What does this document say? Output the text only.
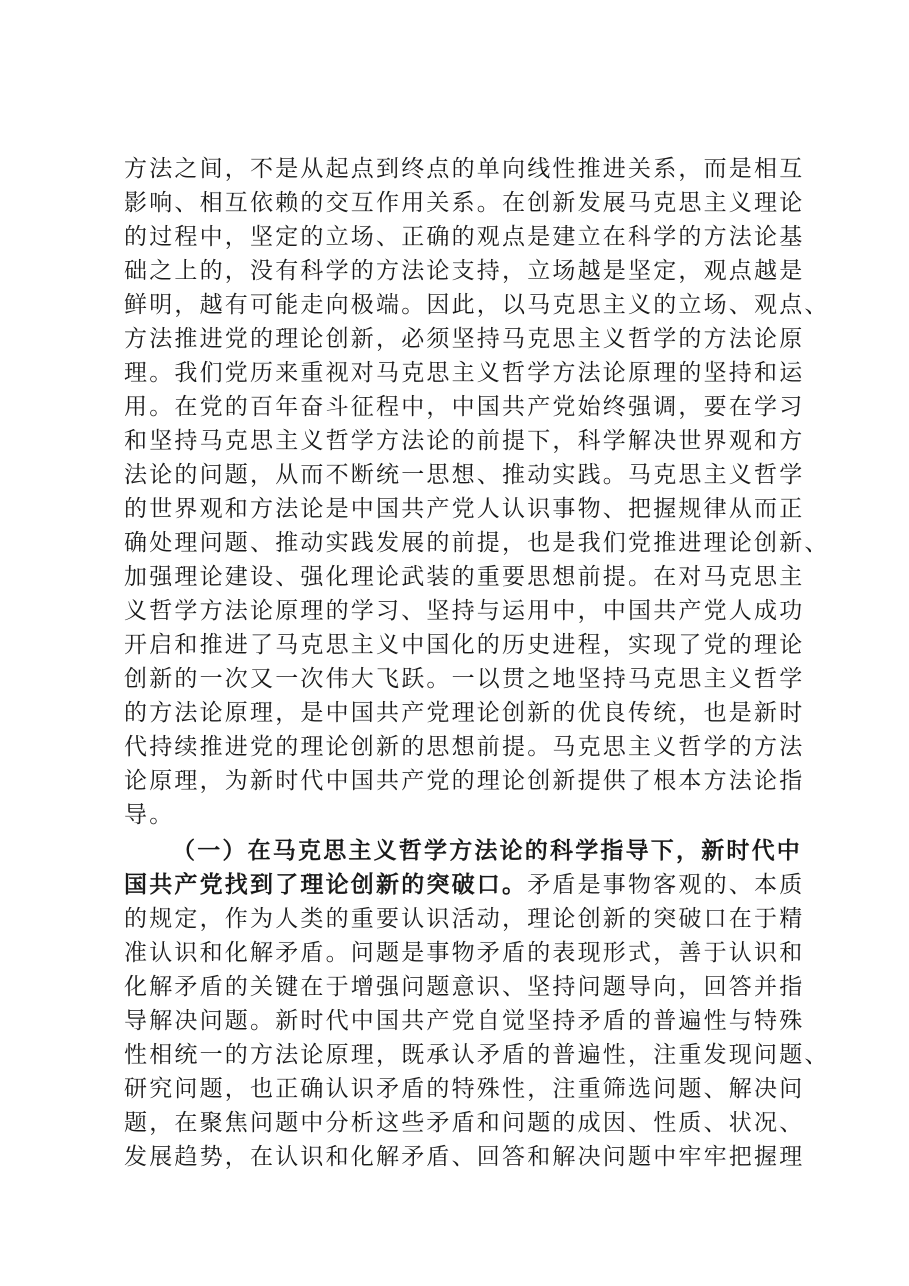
方法之间，不是从起点到终点的单向线性推进关系，而是相互
影响、相互依赖的交互作用关系。在创新发展马克思主义理论
的过程中，坚定的立场、正确的观点是建立在科学的方法论基
础之上的，没有科学的方法论支持，立场越是坚定，观点越是
鲜明，越有可能走向极端。因此，以马克思主义的立场、观点、
方法推进党的理论创新，必须坚持马克思主义哲学的方法论原
理。我们党历来重视对马克思主义哲学方法论原理的坚持和运
用。在党的百年奋斗征程中，中国共产党始终强调，要在学习
和坚持马克思主义哲学方法论的前提下，科学解决世界观和方
法论的问题，从而不断统一思想、推动实践。马克思主义哲学
的世界观和方法论是中国共产党人认识事物、把握规律从而正
确处理问题、推动实践发展的前提，也是我们党推进理论创新、
加强理论建设、强化理论武装的重要思想前提。在对马克思主
义哲学方法论原理的学习、坚持与运用中，中国共产党人成功
开启和推进了马克思主义中国化的历史进程，实现了党的理论
创新的一次又一次伟大飞跃。一以贯之地坚持马克思主义哲学
的方法论原理，是中国共产党理论创新的优良传统，也是新时
代持续推进党的理论创新的思想前提。马克思主义哲学的方法
论原理，为新时代中国共产党的理论创新提供了根本方法论指
导。
（一）在马克思主义哲学方法论的科学指导下，新时代中
国共产党找到了理论创新的突破口。矛盾是事物客观的、本质
的规定，作为人类的重要认识活动，理论创新的突破口在于精
准认识和化解矛盾。问题是事物矛盾的表现形式，善于认识和
化解矛盾的关键在于增强问题意识、坚持问题导向，回答并指
导解决问题。新时代中国共产党自觉坚持矛盾的普遍性与特殊
性相统一的方法论原理，既承认矛盾的普遍性，注重发现问题、
研究问题，也正确认识矛盾的特殊性，注重筛选问题、解决问
题，在聚焦问题中分析这些矛盾和问题的成因、性质、状况、
发展趋势，在认识和化解矛盾、回答和解决问题中牢牢把握理
